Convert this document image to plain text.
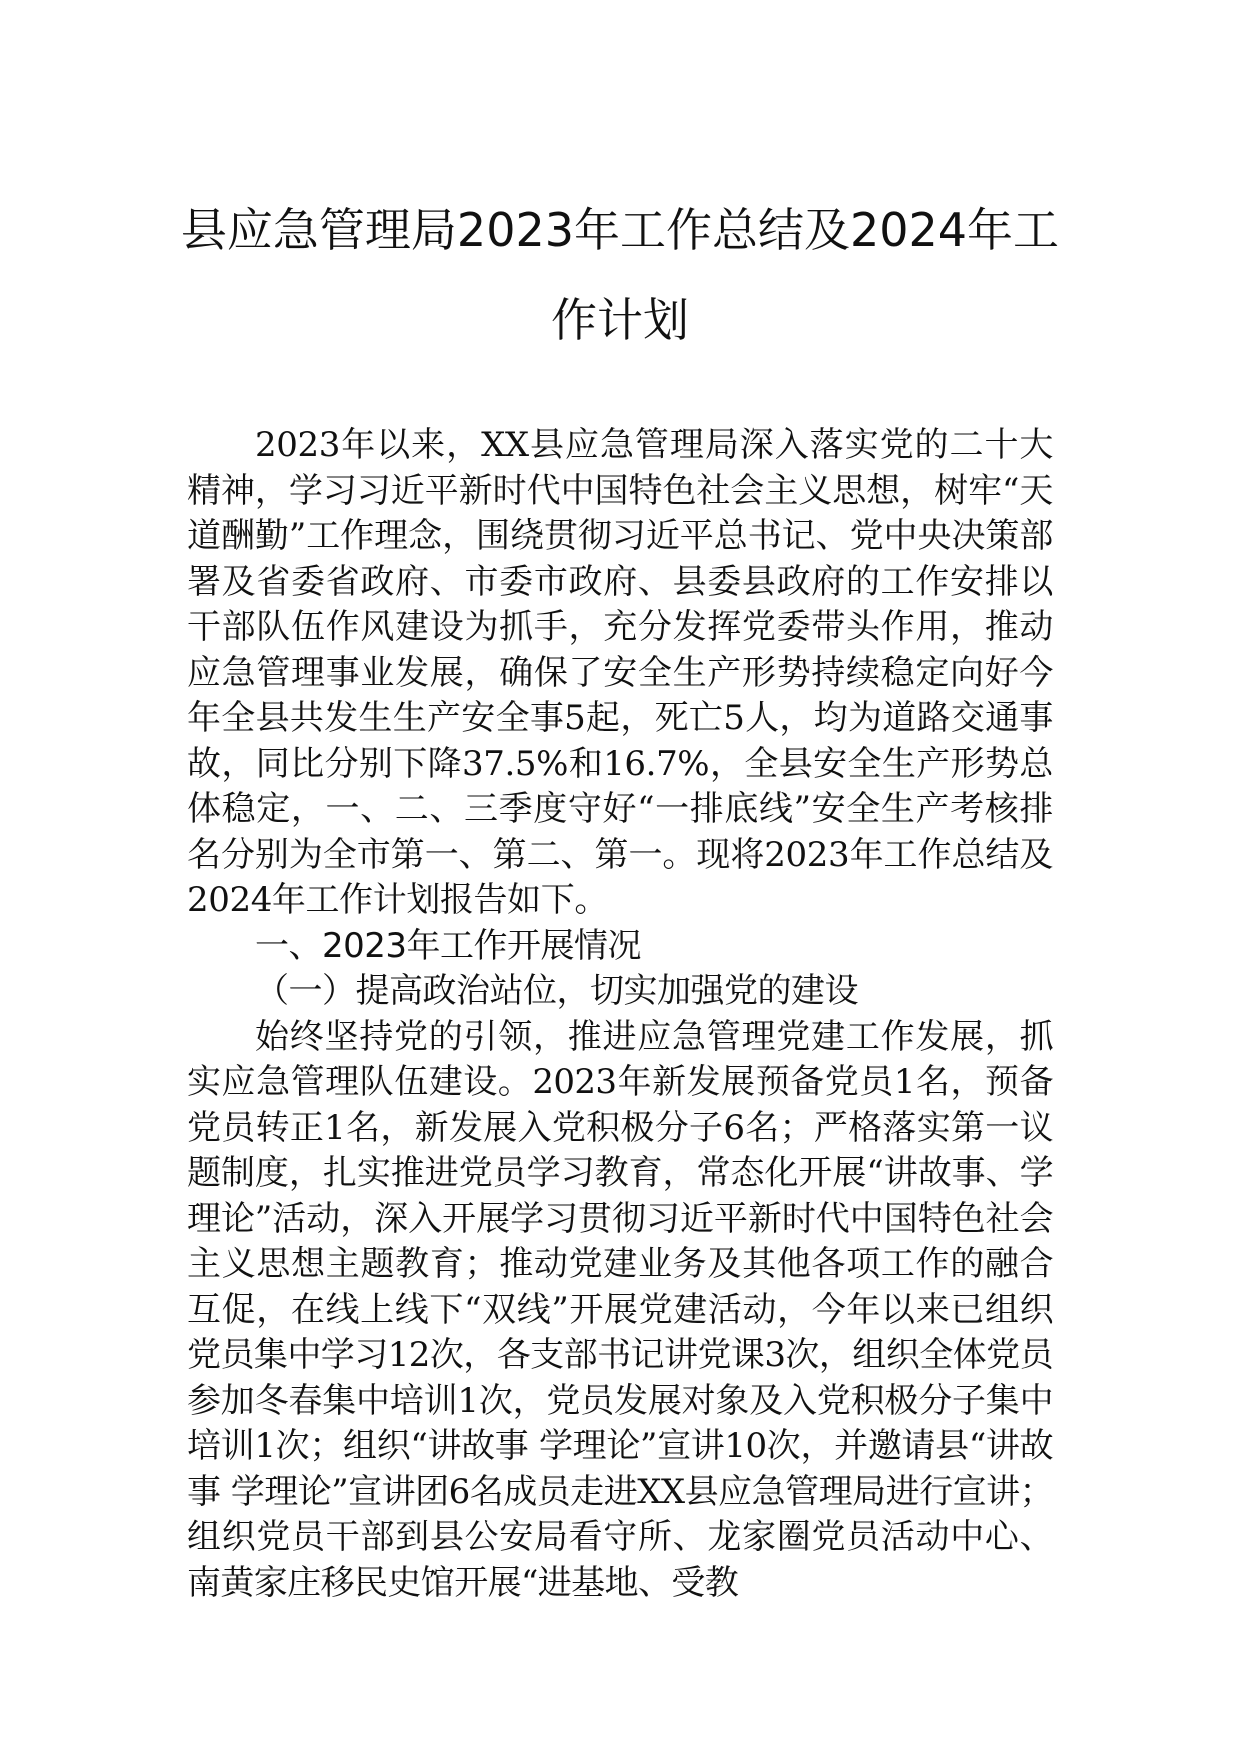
县应急管理局2023年工作总结及2024年工
作计划

2023年以来，XX县应急管理局深入落实党的二十大精神，学习习近平新时代中国特色社会主义思想，树牢“天道酬勤”工作理念，围绕贯彻习近平总书记、党中央决策部署及省委省政府、市委市政府、县委县政府的工作安排以干部队伍作风建设为抓手，充分发挥党委带头作用，推动应急管理事业发展，确保了安全生产形势持续稳定向好今年全县共发生生产安全事5起，死亡5人，均为道路交通事故，同比分别下降37.5%和16.7%，全县安全生产形势总体稳定，一、二、三季度守好“一排底线”安全生产考核排名分别为全市第一、第二、第一。现将2023年工作总结及2024年工作计划报告如下。

一、2023年工作开展情况

（一）提高政治站位，切实加强党的建设

始终坚持党的引领，推进应急管理党建工作发展，抓实应急管理队伍建设。2023年新发展预备党员1名，预备党员转正1名，新发展入党积极分子6名；严格落实第一议题制度，扎实推进党员学习教育，常态化开展“讲故事、学理论”活动，深入开展学习贯彻习近平新时代中国特色社会主义思想主题教育；推动党建业务及其他各项工作的融合互促，在线上线下“双线”开展党建活动，今年以来已组织党员集中学习12次，各支部书记讲党课3次，组织全体党员参加冬春集中培训1次，党员发展对象及入党积极分子集中培训1次；组织“讲故事 学理论”宣讲10次，并邀请县“讲故事 学理论”宣讲团6名成员走进XX县应急管理局进行宣讲；组织党员干部到县公安局看守所、龙家圈党员活动中心、南黄家庄移民史馆开展“进基地、受教
